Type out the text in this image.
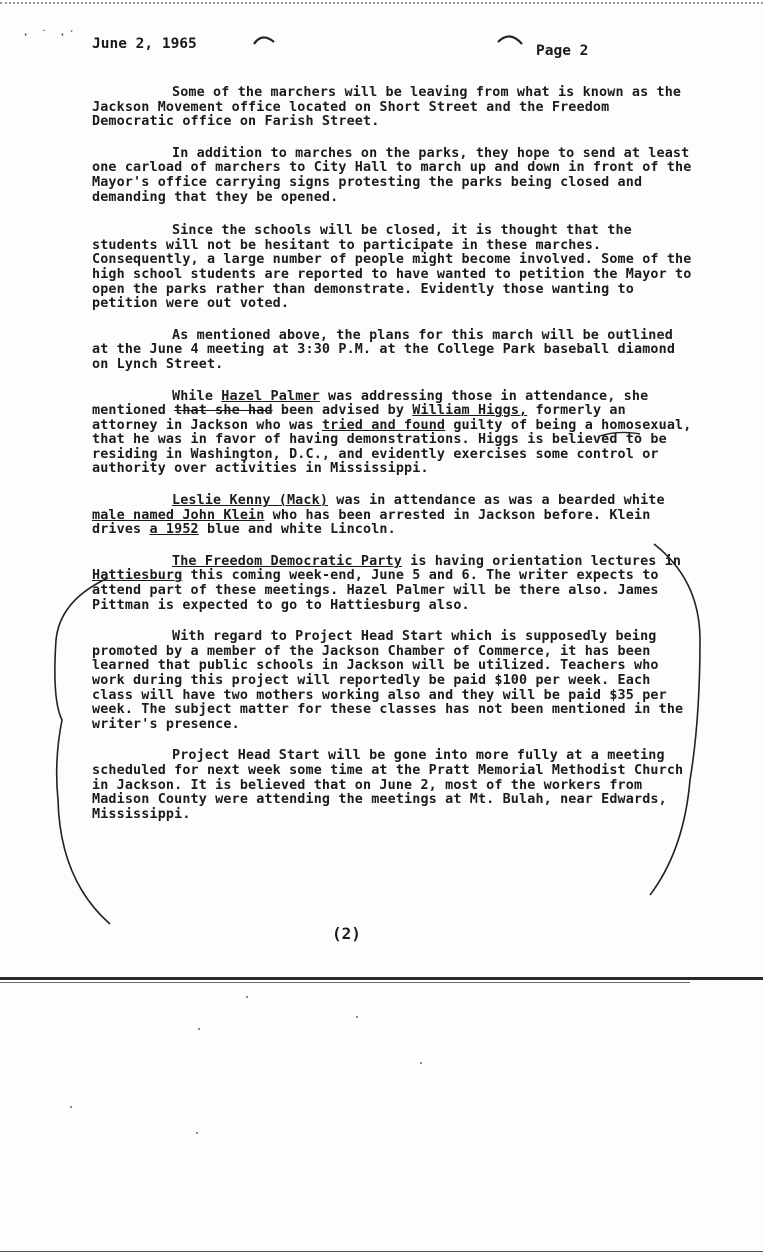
· ˙ ·ˊ
June 2, 1965	Page 2

Some of the marchers will be leaving from what is known as the Jackson Movement office located on Short Street and the Freedom Democratic office on Farish Street.

In addition to marches on the parks, they hope to send at least one carload of marchers to City Hall to march up and down in front of the Mayor's office carrying signs protesting the parks being closed and demanding that they be opened.

Since the schools will be closed, it is thought that the students will not be hesitant to participate in these marches. Consequently, a large number of people might become involved. Some of the high school students are reported to have wanted to petition the Mayor to open the parks rather than demonstrate. Evidently those wanting to petition were out voted.

As mentioned above, the plans for this march will be outlined at the June 4 meeting at 3:30 P.M. at the College Park baseball diamond on Lynch Street.

While Hazel Palmer was addressing those in attendance, she mentioned that she had been advised by William Higgs, formerly an attorney in Jackson who was tried and found guilty of being a homosexual, that he was in favor of having demonstrations. Higgs is believed to be residing in Washington, D.C., and evidently exercises some control or authority over activities in Mississippi.

Leslie Kenny (Mack) was in attendance as was a bearded white male named John Klein who has been arrested in Jackson before. Klein drives a 1952 blue and white Lincoln.

The Freedom Democratic Party is having orientation lectures in Hattiesburg this coming week-end, June 5 and 6. The writer expects to attend part of these meetings. Hazel Palmer will be there also. James Pittman is expected to go to Hattiesburg also.

With regard to Project Head Start which is supposedly being promoted by a member of the Jackson Chamber of Commerce, it has been learned that public schools in Jackson will be utilized. Teachers who work during this project will reportedly be paid $100 per week. Each class will have two mothers working also and they will be paid $35 per week. The subject matter for these classes has not been mentioned in the writer's presence.

Project Head Start will be gone into more fully at a meeting scheduled for next week some time at the Pratt Memorial Methodist Church in Jackson. It is believed that on June 2, most of the workers from Madison County were attending the meetings at Mt. Bulah, near Edwards, Mississippi.

(2)
